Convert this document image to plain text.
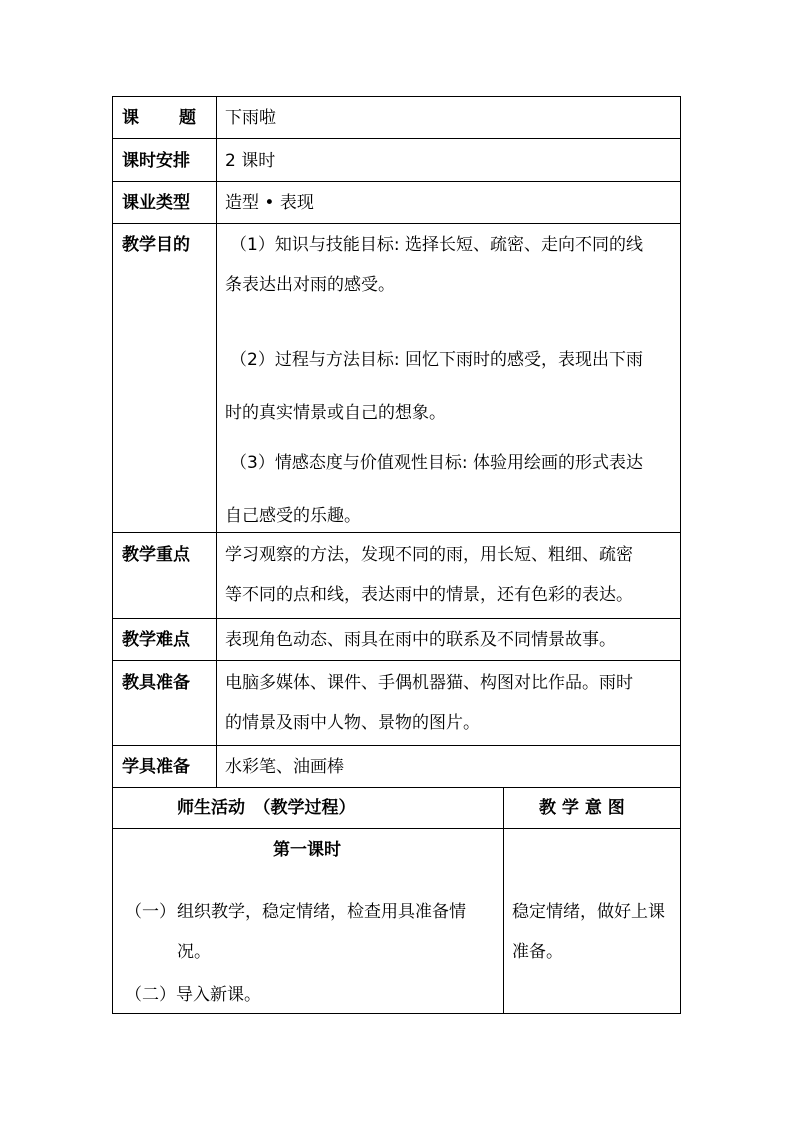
课　　题 下雨啦
课时安排 2 课时
课业类型 造型 • 表现
教学目的 （1）知识与技能目标: 选择长短、疏密、走向不同的线
条表达出对雨的感受。
（2）过程与方法目标: 回忆下雨时的感受，表现出下雨
时的真实情景或自己的想象。
（3）情感态度与价值观性目标: 体验用绘画的形式表达
自己感受的乐趣。
教学重点 学习观察的方法，发现不同的雨，用长短、粗细、疏密
等不同的点和线，表达雨中的情景，还有色彩的表达。
教学难点 表现角色动态、雨具在雨中的联系及不同情景故事。
教具准备 电脑多媒体、课件、手偶机器猫、构图对比作品。雨时
的情景及雨中人物、景物的图片。
学具准备 水彩笔、油画棒
师生活动　（教学过程）	教 学 意 图
第一课时
（一） 组织教学，稳定情绪，检查用具准备情
况。
（二）导入新课。
稳定情绪，做好上课
准备。
